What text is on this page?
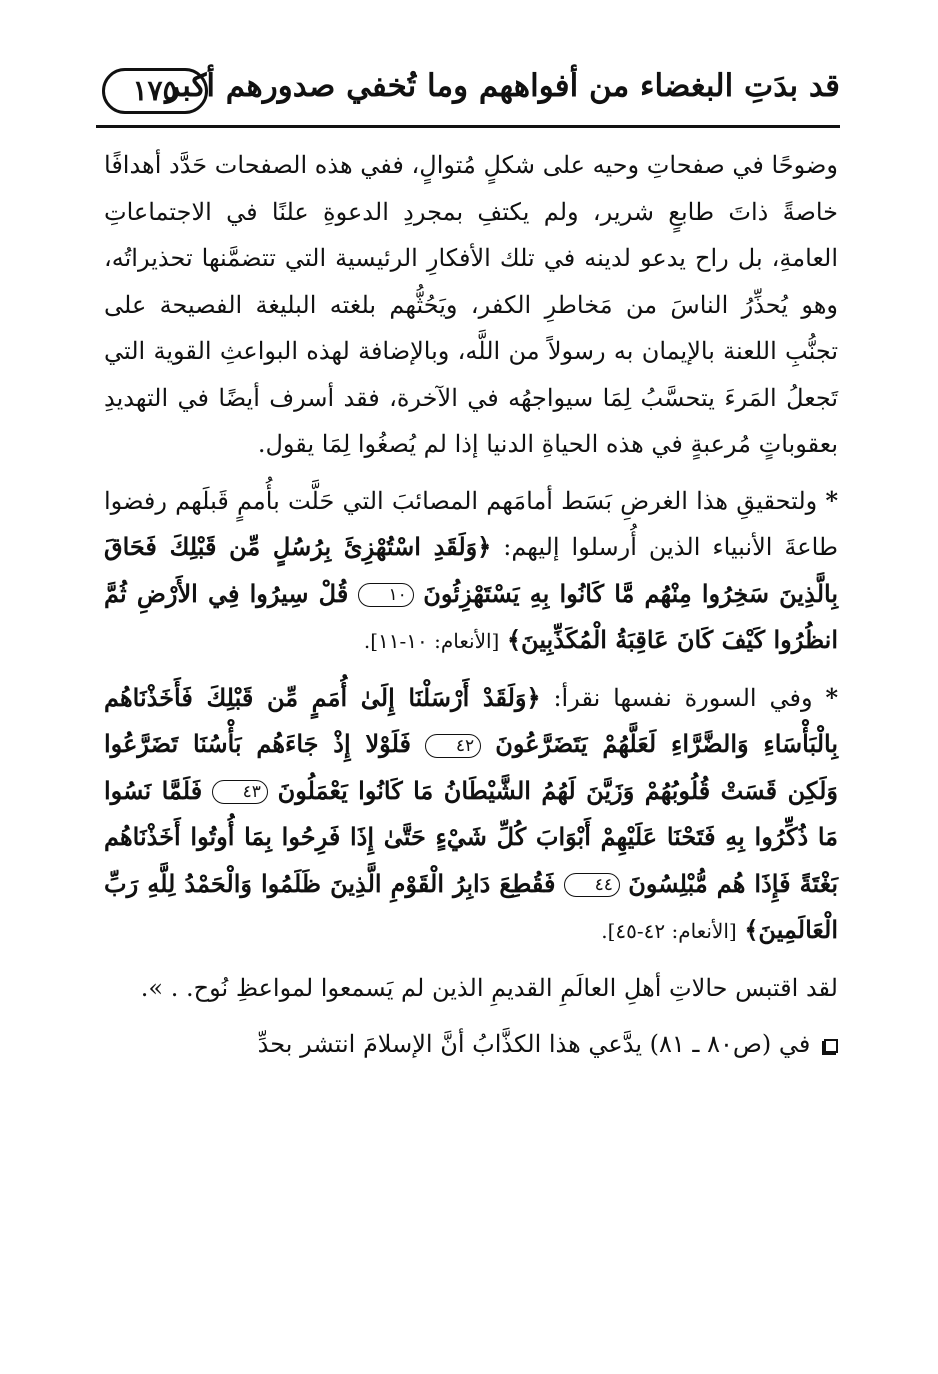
قد بدَتِ البغضاء من أفواههم وما تُخفي صدورهم أكبر
١٧٥

وضوحًا في صفحاتِ وحيه على شكلٍ مُتوالٍ، ففي هذه الصفحات حَدَّد أهدافًا خاصةً ذاتَ طابعٍ شرير، ولم يكتفِ بمجردِ الدعوةِ علنًا في الاجتماعاتِ العامةِ، بل راح يدعو لدينه في تلك الأفكارِ الرئيسية التي تتضمَّنها تحذيراتُه، وهو يُحذِّرُ الناسَ من مَخاطرِ الكفر، ويَحُثُّهم بلغته البليغة الفصيحة على تجنُّبِ اللعنة بالإيمان به رسولاً من اللَّه، وبالإضافة لهذه البواعثِ القوية التي تَجعلُ المَرءَ يتحسَّبُ لِمَا سيواجهُه في الآخرة، فقد أسرف أيضًا في التهديدِ بعقوباتٍ مُرعبةٍ في هذه الحياةِ الدنيا إذا لم يُصغُوا لِمَا يقول.

* ولتحقيقِ هذا الغرضِ بَسَط أمامَهم المصائبَ التي حَلَّت بأُممٍ قَبلَهم رفضوا طاعةَ الأنبياء الذين أُرسلوا إليهم: ﴿وَلَقَدِ اسْتُهْزِئَ بِرُسُلٍ مِّن قَبْلِكَ فَحَاقَ بِالَّذِينَ سَخِرُوا مِنْهُم مَّا كَانُوا بِهِ يَسْتَهْزِئُونَ ١٠ قُلْ سِيرُوا فِي الأَرْضِ ثُمَّ انظُرُوا كَيْفَ كَانَ عَاقِبَةُ الْمُكَذِّبِينَ﴾ [الأنعام: ١٠-١١].

* وفي السورة نفسها نقرأ: ﴿وَلَقَدْ أَرْسَلْنَا إِلَىٰ أُمَمٍ مِّن قَبْلِكَ فَأَخَذْنَاهُم بِالْبَأْسَاءِ وَالضَّرَّاءِ لَعَلَّهُمْ يَتَضَرَّعُونَ ٤٢ فَلَوْلا إِذْ جَاءَهُم بَأْسُنَا تَضَرَّعُوا وَلَكِن قَسَتْ قُلُوبُهُمْ وَزَيَّنَ لَهُمُ الشَّيْطَانُ مَا كَانُوا يَعْمَلُونَ ٤٣ فَلَمَّا نَسُوا مَا ذُكِّرُوا بِهِ فَتَحْنَا عَلَيْهِمْ أَبْوَابَ كُلِّ شَيْءٍ حَتَّىٰ إِذَا فَرِحُوا بِمَا أُوتُوا أَخَذْنَاهُم بَغْتَةً فَإِذَا هُم مُّبْلِسُونَ ٤٤ فَقُطِعَ دَابِرُ الْقَوْمِ الَّذِينَ ظَلَمُوا وَالْحَمْدُ لِلَّهِ رَبِّ الْعَالَمِينَ﴾ [الأنعام: ٤٢-٤٥].

لقد اقتبس حالاتِ أهلِ العالَمِ القديمِ الذين لم يَسمعوا لمواعظِ نُوح. . ».

في (ص٨٠ ـ ٨١) يدَّعي هذا الكذَّابُ أنَّ الإسلامَ انتشر بحدِّ
